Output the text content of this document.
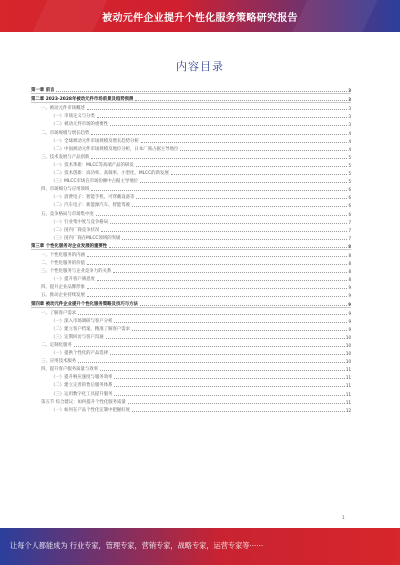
被动元件企业提升个性化服务策略研究报告
内容目录
第一章 前言	3
第二章 2023-2028年被动元件市场前景及趋势预测	3
一、被动元件市场概述	3
（一）市场定义与分类	3
（二）被动元件市场的重要性	3
二、市场规模与增长趋势	4
（一）全球被动元件市场规模及增长趋势分析	4
（二）中国被动元件市场规模及地位分析，日本厂商占据主导地位	4
三、技术发展与产品创新	5
（一）技术革新：MLCC等高端产品的研发	5
（二）技术创新：高功率、高频率、小型化、MLCC的新发展	5
（三）MLCC市场在市场份额中占据主导地位	5
四、市场细分与应用领域	6
（一）消费电子：智能手机、可穿戴设备等	6
（二）汽车电子：新能源汽车、智能驾驶	6
五、竞争格局与市场集中度	6
（一）行业集中度与竞争格局	7
（二）国内厂商竞争状况	7
（三）国内厂商在MLCC领域的突破	7
第三章 个性化服务对企业发展的重要性	8
一、个性化服务的内涵	8
二、个性化服务的价值	8
三、个性化服务与企业竞争力的关系	8
（一）提升客户满意度	8
四、提升企业品牌形象	9
五、推动企业持续发展	9
第四章 被动元件企业提升个性化服务策略及技巧与方法	9
一、了解客户需求	9
（一）深入市场调研与客户分析	9
（二）建立客户档案，精准了解客户需求	9
（三）定期回访与客户沟通	10
二、定制化服务	10
（一）提供个性化的产品选择	10
三、应用技术服务	10
四、提升客户服务质量与效率	11
（一）提升响应速度与服务效率	11
（二）建立完善的售后服务体系	11
（三）运用数字化工具提升服务	11
第五节 综合建议：如何提升个性化服务质量	11
（一）如何在产品个性化定制中把握好度	12
1
让每个人都能成为 行业专家，管理专家，营销专家，战略专家，运营专家等······
